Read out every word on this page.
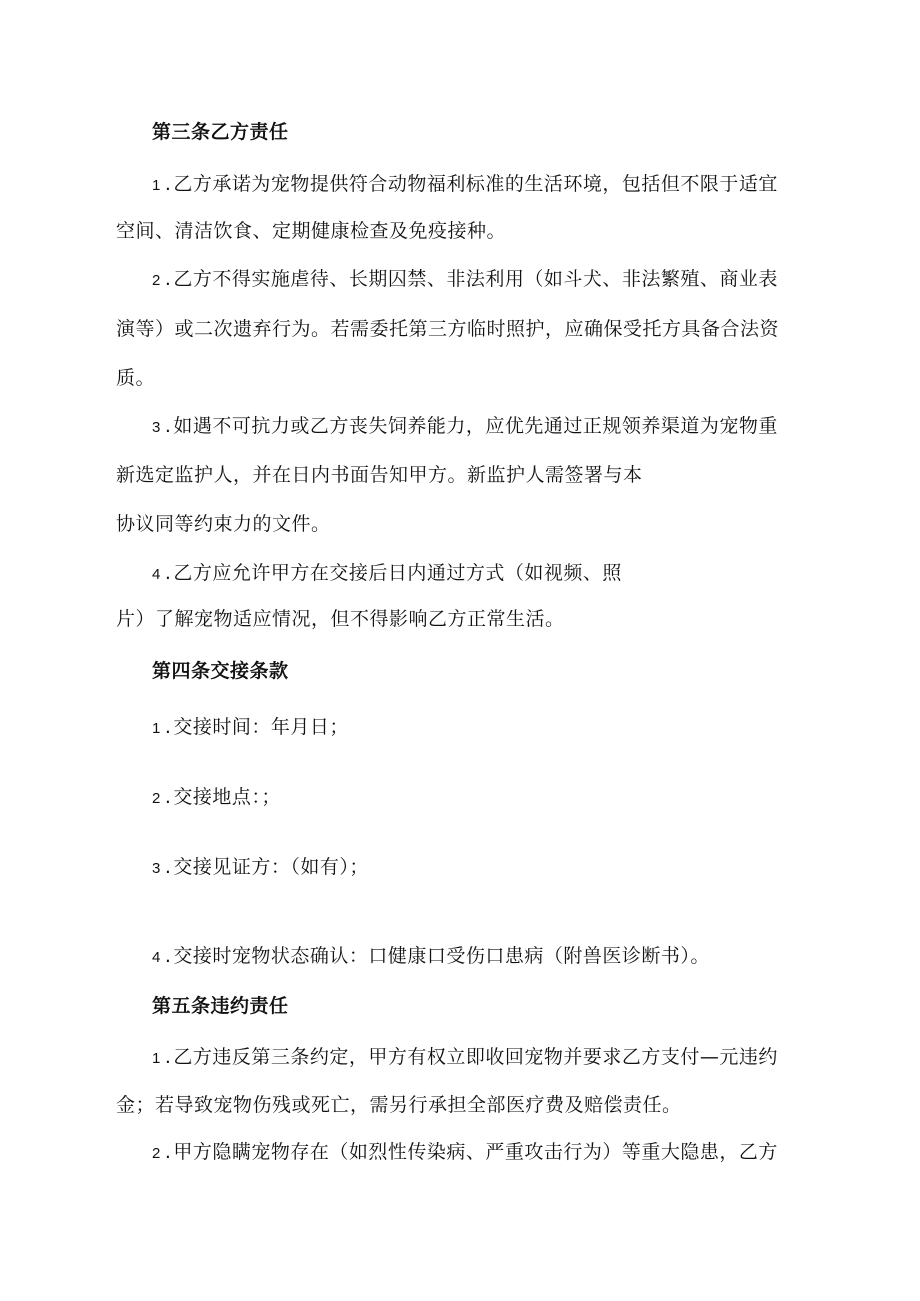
第三条乙方责任
1 . 乙方承诺为宠物提供符合动物福利标准的生活环境，包括但不限于适宜
空间、清洁饮食、定期健康检查及免疫接种。
2 . 乙方不得实施虐待、长期囚禁、非法利用（如斗犬、非法繁殖、商业表
演等）或二次遗弃行为。若需委托第三方临时照护，应确保受托方具备合法资
质。
3 . 如遇不可抗力或乙方丧失饲养能力，应优先通过正规领养渠道为宠物重
新选定监护人，并在日内书面告知甲方。新监护人需签署与本
协议同等约束力的文件。
4 . 乙方应允许甲方在交接后日内通过方式（如视频、照
片）了解宠物适应情况，但不得影响乙方正常生活。
第四条交接条款
1 . 交接时间：年月日；
2 . 交接地点：；
3 . 交接见证方：（如有）；
4 . 交接时宠物状态确认：口健康口受伤口患病（附兽医诊断书）。
第五条违约责任
1 . 乙方违反第三条约定，甲方有权立即收回宠物并要求乙方支付—元违约
金；若导致宠物伤残或死亡，需另行承担全部医疗费及赔偿责任。
2 . 甲方隐瞒宠物存在（如烈性传染病、严重攻击行为）等重大隐患，乙方
